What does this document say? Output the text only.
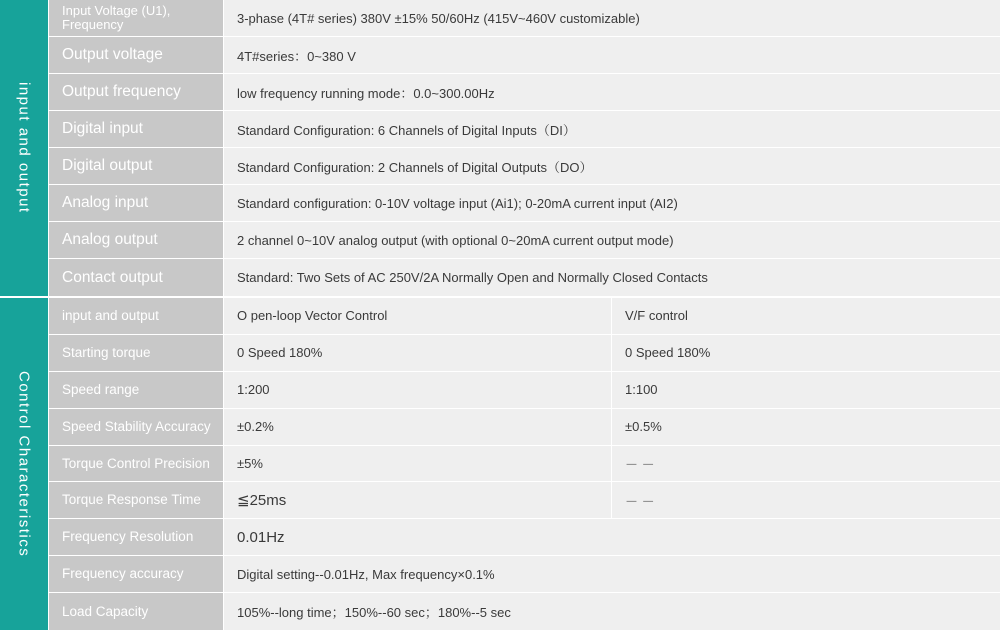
input and output
Input Voltage (U1), Frequency	3-phase (4T# series) 380V ±15% 50/60Hz (415V~460V customizable)
Output voltage	4T#series：0~380 V
Output frequency	low frequency running mode：0.0~300.00Hz
Digital input	Standard Configuration: 6 Channels of Digital Inputs（DI）
Digital output	Standard Configuration: 2 Channels of Digital Outputs（DO）
Analog input	Standard configuration: 0-10V voltage input (Ai1); 0-20mA current input (AI2)
Analog output	2 channel 0~10V analog output (with optional 0~20mA current output mode)
Contact output	Standard: Two Sets of AC 250V/2A Normally Open and Normally Closed Contacts
Control Characteristics
input and output	O pen-loop Vector Control	V/F control
Starting torque	0 Speed 180%	0 Speed 180%
Speed range	1:200	1:100
Speed Stability Accuracy	±0.2%	±0.5%
Torque Control Precision	±5%	－ －
Torque Response Time	≦25ms	－ －
Frequency Resolution	0.01Hz
Frequency accuracy	Digital setting--0.01Hz, Max frequency×0.1%
Load Capacity	105%--long time；150%--60 sec；180%--5 sec
